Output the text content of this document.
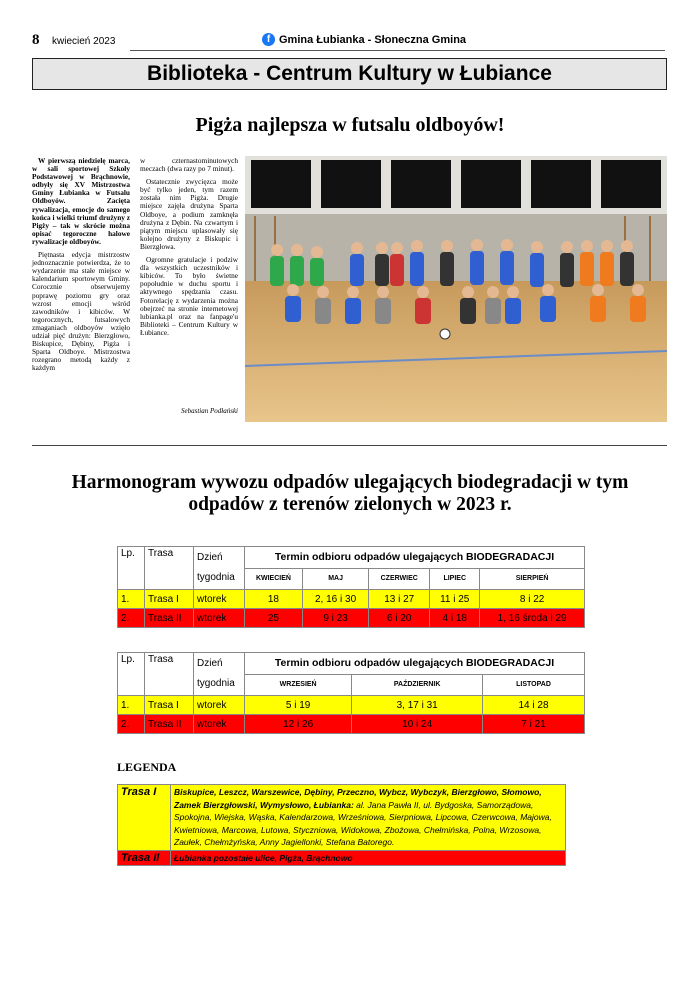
8 kwiecień 2023	f Gmina Łubianka - Słoneczna Gmina
Biblioteka - Centrum Kultury w Łubiance
Pigża najlepsza w futsalu oldboyów!

W pierwszą niedzielę marca, w sali sportowej Szkoły Podstawowej w Brąchnowie, odbyły się XV Mistrzostwa Gminy Łubianka w Futsalu Oldboyów. Zacięta rywalizacja, emocje do samego końca i wielki triumf drużyny z Pigży – tak w skrócie można opisać tegoroczne halowe rywalizacje oldboyów.

Piętnasta edycja mistrzostw jednoznacznie potwierdza, że to wydarzenie ma stałe miejsce w kalendarium sportowym Gminy. Corocznie obserwujemy poprawę poziomu gry oraz wzrost emocji wśród zawodników i kibiców. W tegorocznych, futsalowych zmaganiach oldboyów wzięło udział pięć drużyn: Bierzgłowo, Biskupice, Dębiny, Pigża i Sparta Oldboye. Mistrzostwa rozegrano metodą każdy z każdym

w czternastominutowych meczach (dwa razy po 7 minut).

Ostatecznie zwycięzca może być tylko jeden, tym razem została nim Pigża. Drugie miejsce zajęła drużyna Sparta Oldboye, a podium zamknęła drużyna z Dębin. Na czwartym i piątym miejscu uplasowały się kolejno drużyny z Biskupic i Bierzgłowa.

Ogromne gratulacje i podziw dla wszystkich uczestników i kibiców. To było świetne popołudnie w duchu sportu i aktywnego spędzania czasu. Fotorelację z wydarzenia można obejrzeć na stronie internetowej lubianka.pl oraz na fanpage'u Biblioteki – Centrum Kultury w Łubiance.

Sebastian Podłański
Harmonogram wywozu odpadów ulegających biodegradacji w tym odpadów z terenów zielonych w 2023 r.
Lp.	Trasa	Dzień
tygodnia	Termin odbioru odpadów ulegających BIODEGRADACJI				
			KWIECIEŃ	MAJ	CZERWIEC	LIPIEC	SIERPIEŃ
1.	Trasa I	wtorek	18	2, 16 i 30	13 i 27	11 i 25	8 i 22
2.	Trasa II	wtorek	25	9 i 23	6 i 20	4 i 18	1, 16 środa i 29
Lp.	Trasa	Dzień
tygodnia	Termin odbioru odpadów ulegających BIODEGRADACJI		
			WRZESIEŃ	PAŹDZIERNIK	LISTOPAD
1.	Trasa I	wtorek	5 i 19	3, 17 i 31	14 i 28
2.	Trasa II	wtorek	12 i 26	10 i 24	7 i 21
LEGENDA
Trasa I	Biskupice, Leszcz, Warszewice, Dębiny, Przeczno, Wybcz, Wybczyk, Bierzgłowo, Słomowo, Zamek Bierzgłowski, Wymysłowo, Łubianka: al. Jana Pawła II, ul. Bydgoska, Samorządowa, Spokojna, Wiejska, Wąska, Kalendarzowa, Wrześniowa, Sierpniowa, Lipcowa, Czerwcowa, Majowa, Kwietniowa, Marcowa, Lutowa, Styczniowa, Widokowa, Zbożowa, Chełmińska, Polna, Wrzosowa, Zaułek, Chełmżyńska, Anny Jagiellonki, Stefana Batorego.
Trasa II	Łubianka pozostałe ulice, Pigża, Brąchnowo
